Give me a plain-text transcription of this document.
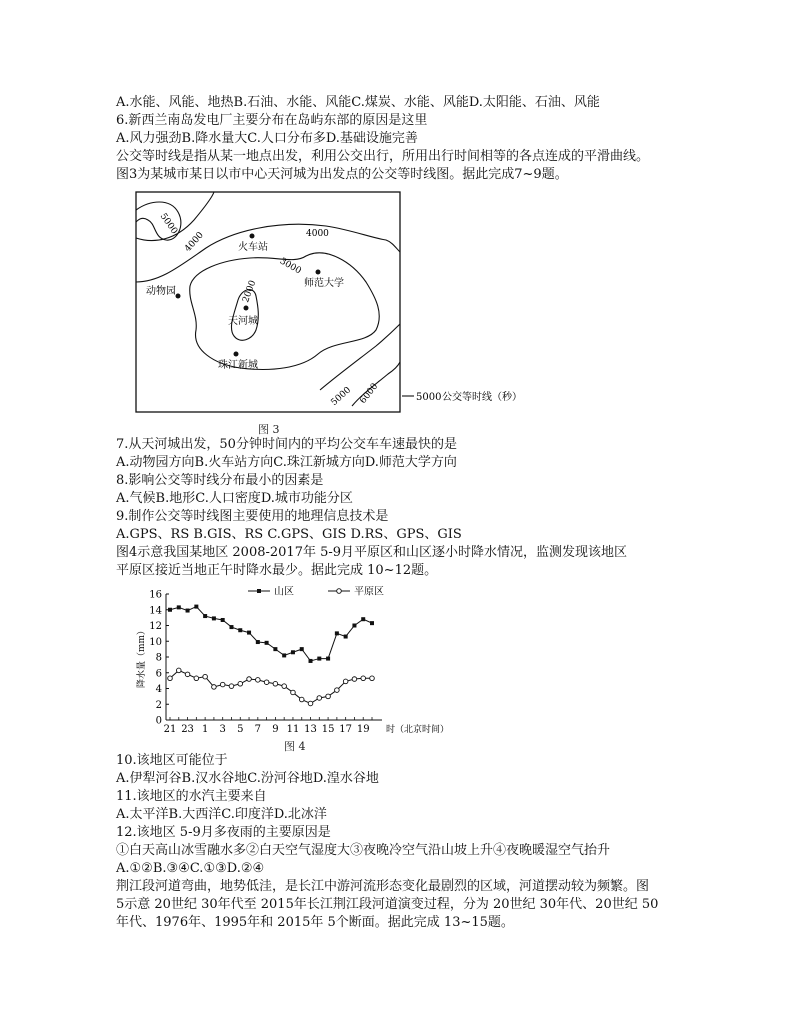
A.水能、风能、地热B.石油、水能、风能C.煤炭、水能、风能D.太阳能、石油、风能
6.新西兰南岛发电厂主要分布在岛屿东部的原因是这里
A.风力强劲B.降水量大C.人口分布多D.基础设施完善
公交等时线是指从某一地点出发，利用公交出行，所用出行时间相等的各点连成的平滑曲线。
图3为某城市某日以市中心天河城为出发点的公交等时线图。据此完成7~9题。
火车站
师范大学
动物园
天河城
珠江新城
2000
3000
4000	4000
5000
5000 6000	5000 公交等时线（秒）
图 3
7.从天河城出发，50分钟时间内的平均公交车车速最快的是
A.动物园方向B.火车站方向C.珠江新城方向D.师范大学方向
8.影响公交等时线分布最小的因素是
A.气候B.地形C.人口密度D.城市功能分区
9.制作公交等时线图主要使用的地理信息技术是
A.GPS、RS B.GIS、RS C.GPS、GIS D.RS、GPS、GIS
图4示意我国某地区 2008-2017年 5-9月平原区和山区逐小时降水情况，监测发现该地区
平原区接近当地正午时降水最少。据此完成 10~12题。
0
2
4
6
8
10
12
14
16
21 23 1 3 5 7 9 11 13 15 17 19 时（北京时间）
降水量（mm）
山区	平原区
图 4
10.该地区可能位于
A.伊犁河谷B.汉水谷地C.汾河谷地D.湟水谷地
11.该地区的水汽主要来自
A.太平洋B.大西洋C.印度洋D.北冰洋
12.该地区 5-9月多夜雨的主要原因是
①白天高山冰雪融水多②白天空气湿度大③夜晚冷空气沿山坡上升④夜晚暖湿空气抬升
A.①②B.③④C.①③D.②④
荆江段河道弯曲，地势低洼，是长江中游河流形态变化最剧烈的区域，河道摆动较为频繁。图
5示意 20世纪 30年代至 2015年长江荆江段河道演变过程，分为 20世纪 30年代、20世纪 50
年代、1976年、1995年和 2015年 5个断面。据此完成 13~15题。
